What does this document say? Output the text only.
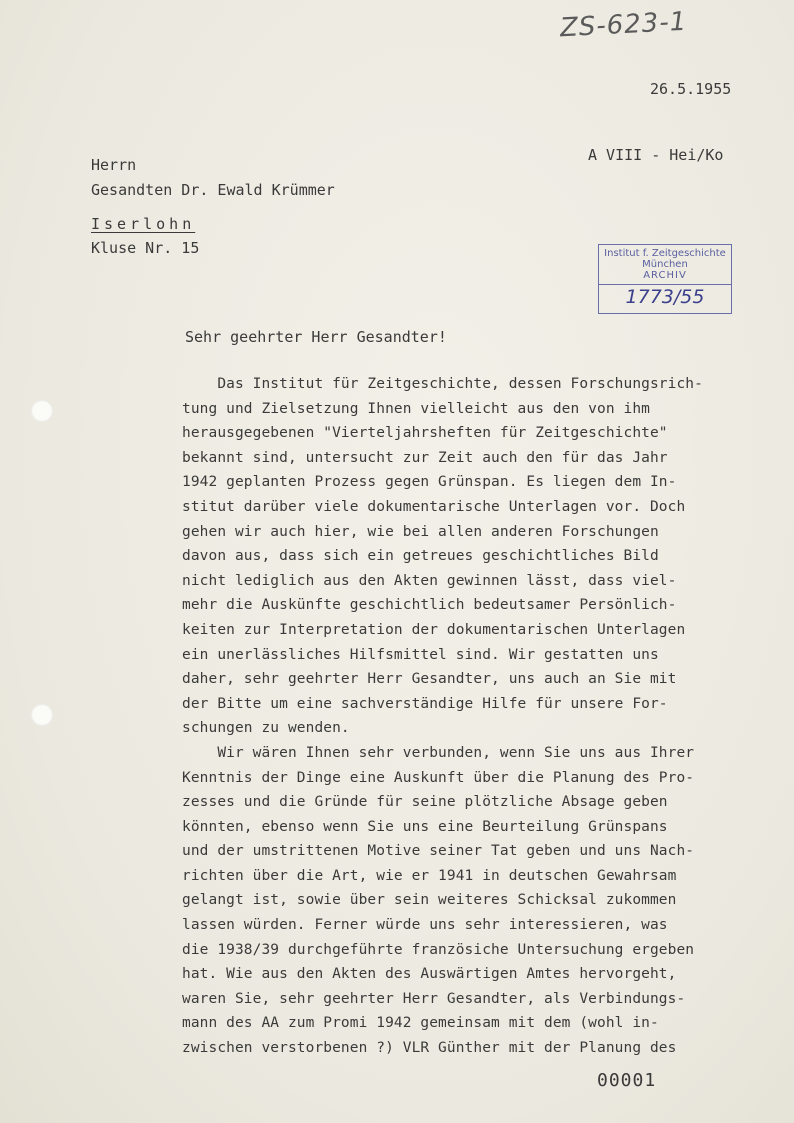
ZS-623-1
26.5.1955
A VIII - Hei/Ko
Herrn
Gesandten Dr. Ewald Krümmer
Iserlohn
Kluse Nr. 15	Institut f. Zeitgeschichte
München
ARCHIV
1773/55
Sehr geehrter Herr Gesandter!
Das Institut für Zeitgeschichte, dessen Forschungsrich-
tung und Zielsetzung Ihnen vielleicht aus den von ihm
herausgegebenen "Vierteljahrsheften für Zeitgeschichte"
bekannt sind, untersucht zur Zeit auch den für das Jahr
1942 geplanten Prozess gegen Grünspan. Es liegen dem In-
stitut darüber viele dokumentarische Unterlagen vor. Doch
gehen wir auch hier, wie bei allen anderen Forschungen
davon aus, dass sich ein getreues geschichtliches Bild
nicht lediglich aus den Akten gewinnen lässt, dass viel-
mehr die Auskünfte geschichtlich bedeutsamer Persönlich-
keiten zur Interpretation der dokumentarischen Unterlagen
ein unerlässliches Hilfsmittel sind. Wir gestatten uns
daher, sehr geehrter Herr Gesandter, uns auch an Sie mit
der Bitte um eine sachverständige Hilfe für unsere For-
schungen zu wenden.
Wir wären Ihnen sehr verbunden, wenn Sie uns aus Ihrer
Kenntnis der Dinge eine Auskunft über die Planung des Pro-
zesses und die Gründe für seine plötzliche Absage geben
könnten, ebenso wenn Sie uns eine Beurteilung Grünspans
und der umstrittenen Motive seiner Tat geben und uns Nach-
richten über die Art, wie er 1941 in deutschen Gewahrsam
gelangt ist, sowie über sein weiteres Schicksal zukommen
lassen würden. Ferner würde uns sehr interessieren, was
die 1938/39 durchgeführte französiche Untersuchung ergeben
hat. Wie aus den Akten des Auswärtigen Amtes hervorgeht,
waren Sie, sehr geehrter Herr Gesandter, als Verbindungs-
mann des AA zum Promi 1942 gemeinsam mit dem (wohl in-
zwischen verstorbenen ?) VLR Günther mit der Planung des
00001
